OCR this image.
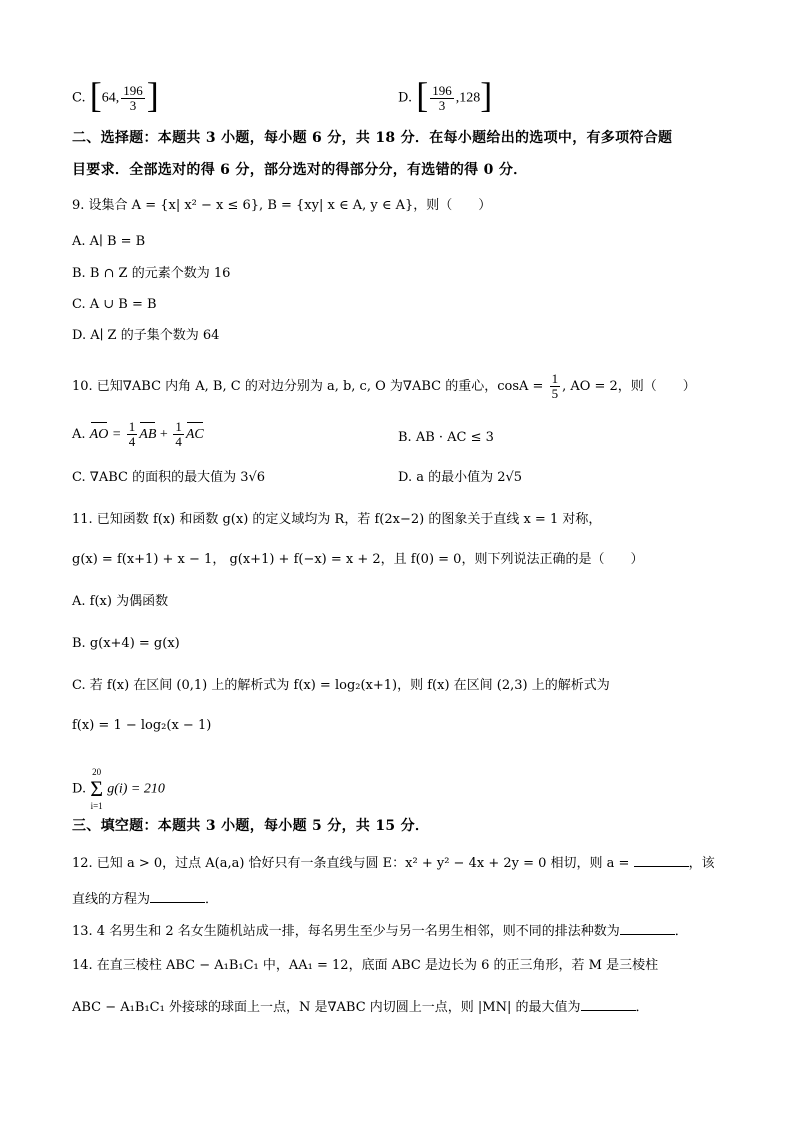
C. [64, $\frac{196}{3}$ ]	D. [ $\frac{196}{3} ,128$]
二、选择题：本题共 3 小题，每小题 6 分，共 18 分．在每小题给出的选项中，有多项符合题
目要求．全部选对的得 6 分，部分选对的得部分分，有选错的得 0 分．
9. 设集合 A = {x| x² − x ≤ 6}, B = {xy| x ∈ A, y ∈ A}，则（　　）
A. A∣ B = B
B. B ∩ Z 的元素个数为 16
C. A ∪ B = B
D. A∣ Z 的子集个数为 64
10. 已知∇ABC 内角 A, B, C 的对边分别为 a, b, c, O 为∇ABC 的重心，$\cos A = \frac{1}{5}$ , AO = 2，则（　　）
A. AO = $\frac{1}{4}$ AB + $\frac{1}{4}$ AC	B. AB · AC ≤ 3
C. ∇ABC 的面积的最大值为 3√6	D. a 的最小值为 2√5
11. 已知函数 f(x) 和函数 g(x) 的定义域均为 R，若 f(2x−2) 的图象关于直线 x = 1 对称，
g(x) = f(x+1) + x − 1， g(x+1) + f(−x) = x + 2，且 f(0) = 0，则下列说法正确的是（　　）
A. f(x) 为偶函数
B. g(x+4) = g(x)
C. 若 f(x) 在区间 (0,1) 上的解析式为 f(x) = log₂(x+1)，则 f(x) 在区间 (2,3) 上的解析式为
f(x) = 1 − log₂(x − 1)
D.
20
Σ
i=1
g(i) = 210
三、填空题：本题共 3 小题，每小题 5 分，共 15 分．
12. 已知 a > 0，过点 A(a,a) 恰好只有一条直线与圆 E：x² + y² − 4x + 2y = 0 相切，则 a =	，该
直线的方程为	．
13. 4 名男生和 2 名女生随机站成一排，每名男生至少与另一名男生相邻，则不同的排法种数为	．
14. 在直三棱柱 ABC − A₁B₁C₁ 中，AA₁ = 12，底面 ABC 是边长为 6 的正三角形，若 M 是三棱柱
ABC − A₁B₁C₁ 外接球的球面上一点，N 是∇ABC 内切圆上一点，则 |MN| 的最大值为	．
